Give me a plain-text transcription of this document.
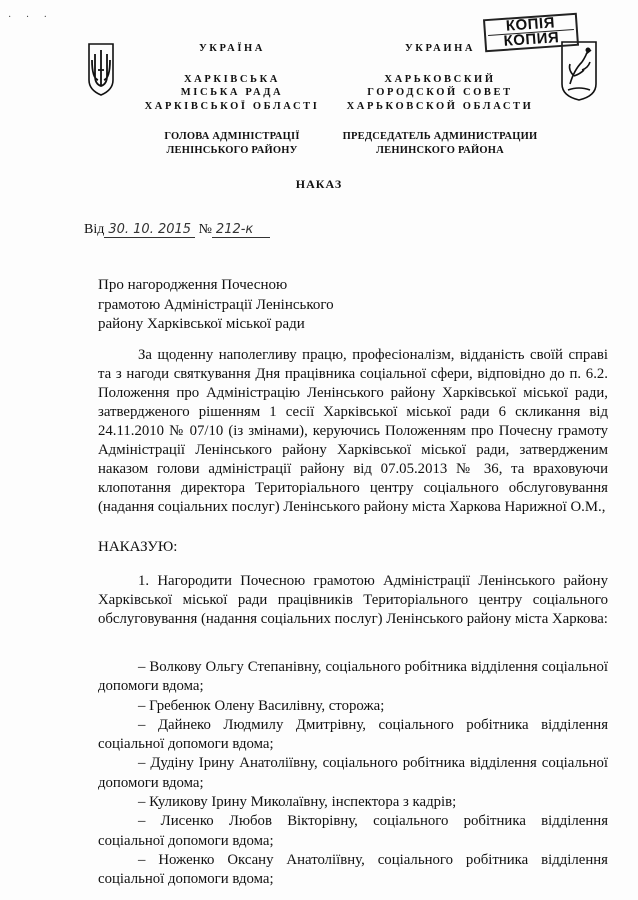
· · ·	КОПІЯ
КОПИЯ
УКРАЇНА
ХАРКІВСЬКА
МІСЬКА РАДА
ХАРКІВСЬКОЇ ОБЛАСТІ
ГОЛОВА АДМІНІСТРАЦІЇ
ЛЕНІНСЬКОГО РАЙОНУ
УКРАИНА
ХАРЬКОВСКИЙ
ГОРОДСКОЙ СОВЕТ
ХАРЬКОВСКОЙ ОБЛАСТИ
ПРЕДСЕДАТЕЛЬ АДМИНИСТРАЦИИ
ЛЕНИНСКОГО РАЙОНА
НАКАЗ
Від 30. 10. 2015 № 212-к
Про нагородження Почесною
грамотою Адміністрації Ленінського
району Харківської міської ради
За щоденну наполегливу працю, професіоналізм, відданість своїй справі та з нагоди святкування Дня працівника соціальної сфери, відповідно до п. 6.2. Положення про Адміністрацію Ленінського району Харківської міської ради, затвердженого рішенням 1 сесії Харківської міської ради 6 скликання від 24.11.2010 № 07/10 (із змінами), керуючись Положенням про Почесну грамоту Адміністрації Ленінського району Харківської міської ради, затвердженим наказом голови адміністрації району від 07.05.2013 № 36, та враховуючи клопотання директора Територіального центру соціального обслуговування (надання соціальних послуг) Ленінського району міста Харкова Наpижної О.М.,
НАКАЗУЮ:
1. Нагородити Почесною грамотою Адміністрації Ленінського району Харківської міської ради працівників Територіального центру соціального обслуговування (надання соціальних послуг) Ленінського району міста Харкова:
– Волкову Ольгу Степанівну, соціального робітника відділення соціальної допомоги вдома;
– Гребенюк Олену Василівну, сторожа;
– Дайнеко Людмилу Дмитрівну, соціального робітника відділення соціальної допомоги вдома;
– Дудіну Ірину Анатоліївну, соціального робітника відділення соціальної допомоги вдома;
– Куликову Ірину Миколаївну, інспектора з кадрів;
– Лисенко Любов Вікторівну, соціального робітника відділення соціальної допомоги вдома;
– Ноженко Оксану Анатоліївну, соціального робітника відділення соціальної допомоги вдома;
